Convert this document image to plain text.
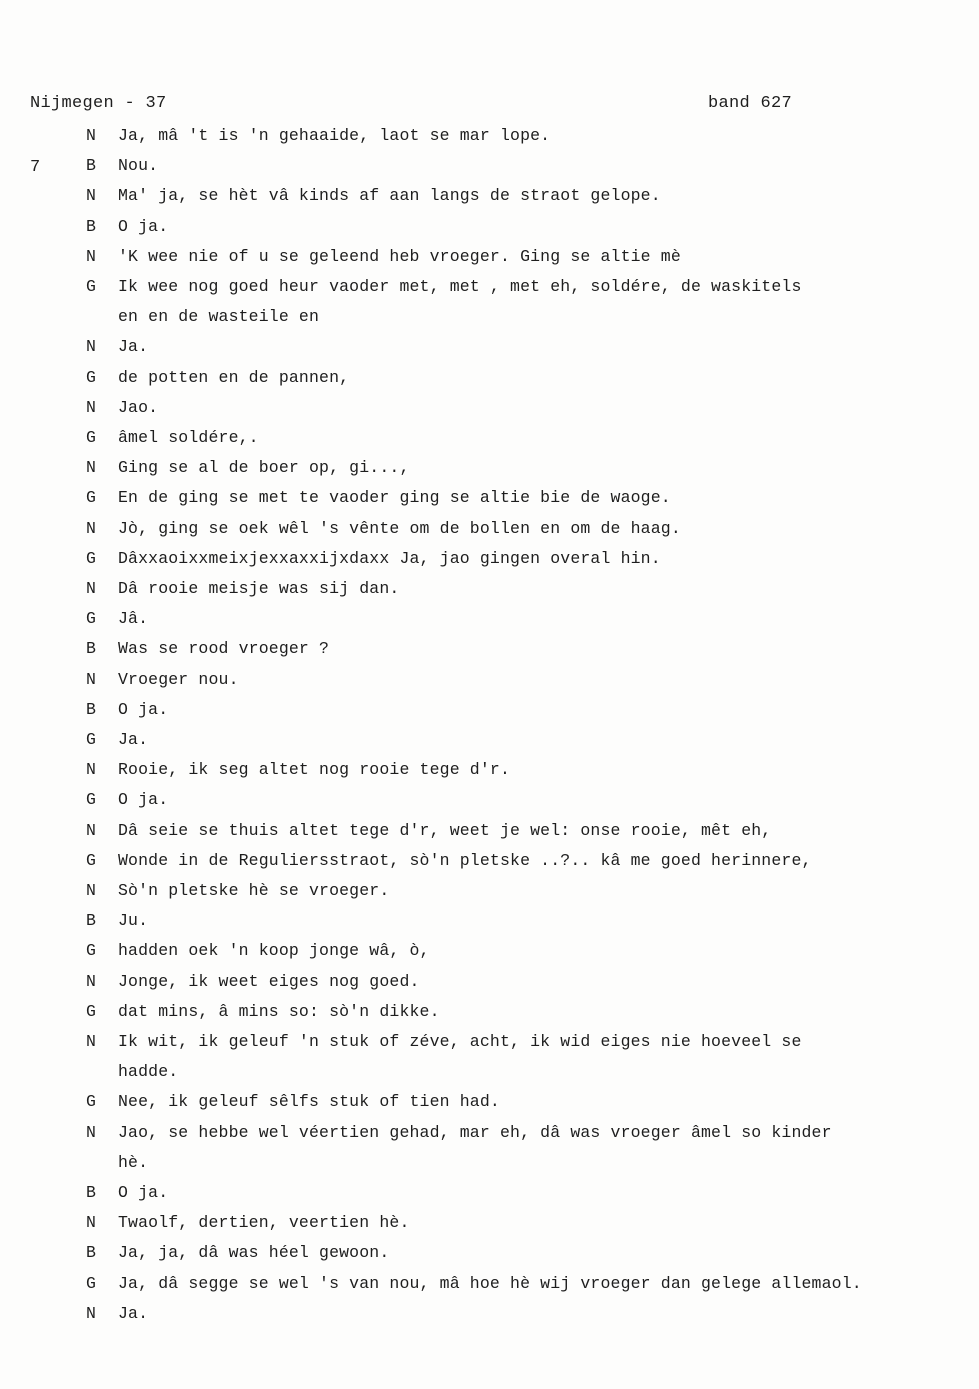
Nijmegen - 37	band 627
7
N Ja, mâ 't is 'n gehaaide, laot se mar lope.
B Nou.
N Ma' ja, se hèt vâ kinds af aan langs de straot gelope.
B O ja.
N 'K wee nie of u se geleend heb vroeger. Ging se altie mè
G Ik wee nog goed heur vaoder met, met , met eh, soldére, de waskitels
en en de wasteile en
N Ja.
G de potten en de pannen,
N Jao.
G âmel soldére,.
N Ging se al de boer op, gi...,
G En de ging se met te vaoder ging se altie bie de waoge.
N Jò, ging se oek wêl 's vênte om de bollen en om de haag.
G Dâxxaoixxmeixjexxaxxijxdaxx Ja, jao gingen overal hin.
N Dâ rooie meisje was sij dan.
G Jâ.
B Was se rood vroeger ?
N Vroeger nou.
B O ja.
G Ja.
N Rooie, ik seg altet nog rooie tege d'r.
G O ja.
N Dâ seie se thuis altet tege d'r, weet je wel: onse rooie, mêt eh,
G Wonde in de Reguliersstraot, sò'n pletske ..?.. kâ me goed herinnere,
N Sò'n pletske hè se vroeger.
B Ju.
G hadden oek 'n koop jonge wâ, ò,
N Jonge, ik weet eiges nog goed.
G dat mins, â mins so: sò'n dikke.
N Ik wit, ik geleuf 'n stuk of zéve, acht, ik wid eiges nie hoeveel se
hadde.
G Nee, ik geleuf sêlfs stuk of tien had.
N Jao, se hebbe wel véertien gehad, mar eh, dâ was vroeger âmel so kinder
hè.
B O ja.
N Twaolf, dertien, veertien hè.
B Ja, ja, dâ was héel gewoon.
G Ja, dâ segge se wel 's van nou, mâ hoe hè wij vroeger dan gelege allemaol.
N Ja.
